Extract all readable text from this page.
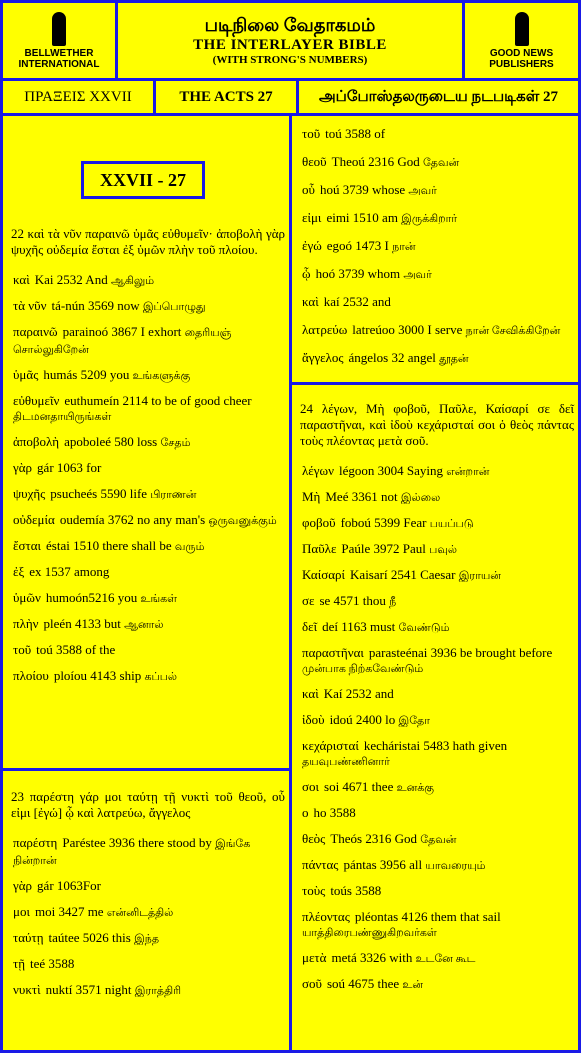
BELLWETHER
INTERNATIONAL
படிநிலை வேதாகமம்
THE INTERLAYER BIBLE
(WITH STRONG'S NUMBERS)
GOOD NEWS
PUBLISHERS
ΠΡΑΞΕΙΣ XXVII	THE ACTS 27	அப்போஸ்தலருடைய நடபடிகள் 27
XXVII - 27
22 καὶ τὰ νῦν παραινῶ ὑμᾶς εὐθυμεῖν· ἀποβολὴ γὰρ ψυχῆς οὐδεμία ἔσται ἐξ ὑμῶν πλὴν τοῦ πλοίου.
καὶ Kai 2532 And ஆகிலும்
τὰ νῦν tá-nún 3569 now இப்பொழுது
παραινῶ parainoó 3867 I exhort தைரியஞ் சொல்லுகிறேன்
ὑμᾶς humás 5209 you உங்களுக்கு
εὐθυμεῖν euthumeín 2114 to be of good cheer திடமனதாயிருங்கள்
ἀποβολὴ apoboleé 580 loss சேதம்
γὰρ gár 1063 for
ψυχῆς psuchеés 5590 life பிராணன்
οὐδεμία oudemía 3762 no any man's ஒருவனுக்கும்
ἔσται éstai 1510 there shall be வரும்
ἐξ ex 1537 among
ὑμῶν humoón5216 you உங்கள்
πλὴν pleén 4133 but ஆனால்
τοῦ toú 3588 of the
πλοίου ploíou 4143 ship கப்பல்
23 παρέστη γάρ μοι ταύτῃ τῇ νυκτὶ τοῦ θεοῦ, οὗ εἰμι [ἐγώ] ᾧ καὶ λατρεύω, ἄγγελος
παρέστη Parésteе 3936 there stood by இங்கே நின்றான்
γὰρ gár 1063For
μοι moi 3427 me என்னிடத்தில்
ταύτῃ taútee 5026 this இந்த
τῇ teé 3588
νυκτὶ nuktí 3571 night இராத்திரி
τοῦ toú 3588 of
θεοῦ Theoú 2316 God தேவன்
οὗ hoú 3739 whose அவர்
εἰμι eimi 1510 am இருக்கிறார்
ἐγώ egoó 1473 I நான்
ᾧ hoó 3739 whom அவர்
καὶ kaí 2532 and
λατρεύω latreúoo 3000 I serve நான் சேவிக்கிறேன்
ἄγγελος ángelos 32 angel தூதன்
24 λέγων, Μὴ φοβοῦ, Παῦλε, Καίσαρί σε δεῖ παραστῆναι, καὶ ἰδοὺ κεχάρισταί σοι ὁ θεὸς πάντας τοὺς πλέοντας μετὰ σοῦ.
λέγων légoon 3004 Saying என்றான்
Μὴ Meé 3361 not இல்லை
φοβοῦ foboú 5399 Fear பயப்படு
Παῦλε Paúle 3972 Paul பவுல்
Καίσαρί Kaisarí 2541 Caesar இராயன்
σε se 4571 thou நீ
δεῖ deí 1163 must வேண்டும்
παραστῆναι parasteénai 3936 be brought before முன்பாக நிற்கவேண்டும்
καὶ Kaí 2532 and
ἰδοὺ idoú 2400 lo இதோ
κεχάρισταί kecháristai 5483 hath given தயவுபண்ணினார்
σοι soi 4671 thee உனக்கு
ο ho 3588
θεὸς Theós 2316 God தேவன்
πάντας pántas 3956 all யாவரையும்
τοὺς toús 3588
πλέοντας pléontas 4126 them that sail யாத்திரைபண்ணுகிறவர்கள்
μετὰ metá 3326 with உடனே கூட
σοῦ soú 4675 thee உன்
